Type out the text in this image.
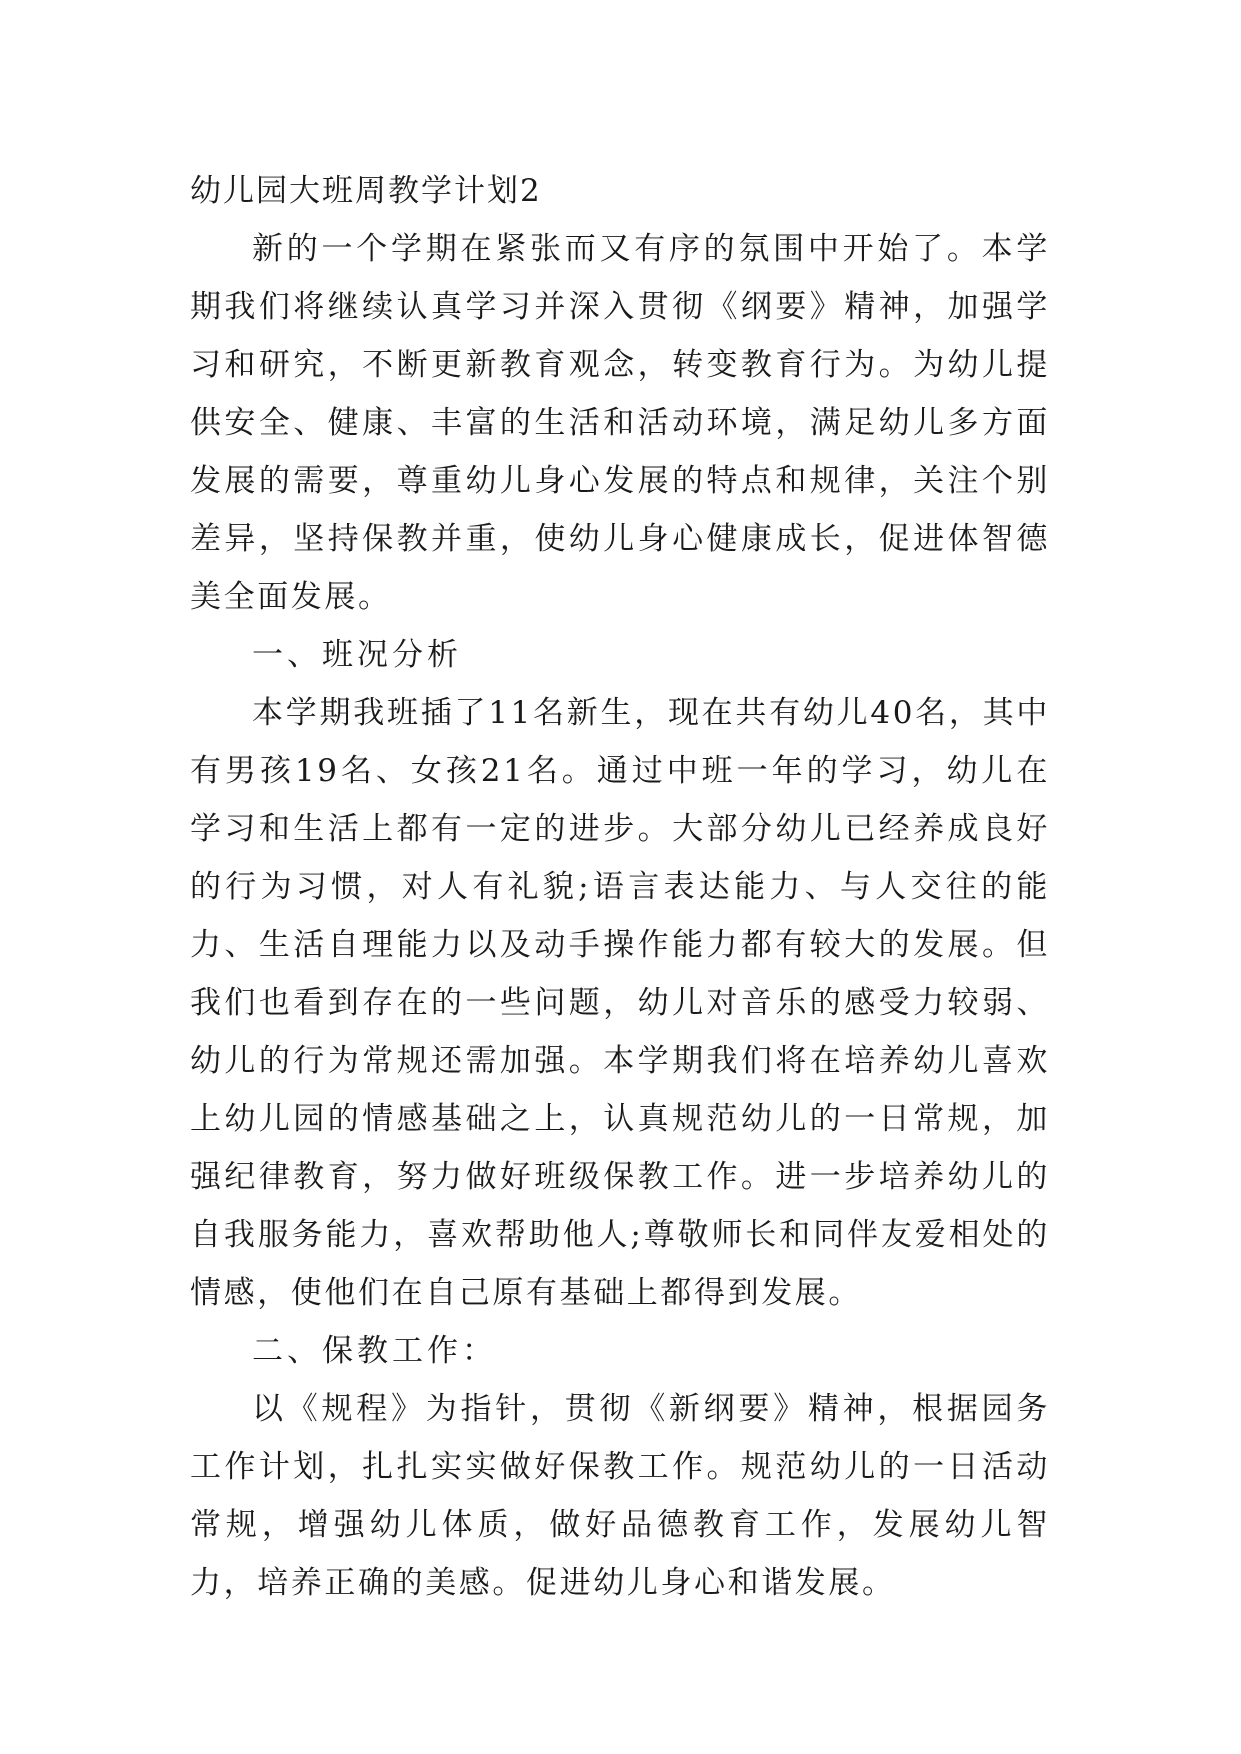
幼儿园大班周教学计划2

新的一个学期在紧张而又有序的氛围中开始了。本学期我们将继续认真学习并深入贯彻《纲要》精神，加强学习和研究，不断更新教育观念，转变教育行为。为幼儿提供安全、健康、丰富的生活和活动环境，满足幼儿多方面发展的需要，尊重幼儿身心发展的特点和规律，关注个别差异，坚持保教并重，使幼儿身心健康成长，促进体智德美全面发展。

一、班况分析

本学期我班插了11名新生，现在共有幼儿40名，其中有男孩19名、女孩21名。通过中班一年的学习，幼儿在学习和生活上都有一定的进步。大部分幼儿已经养成良好的行为习惯，对人有礼貌;语言表达能力、与人交往的能力、生活自理能力以及动手操作能力都有较大的发展。但我们也看到存在的一些问题，幼儿对音乐的感受力较弱、幼儿的行为常规还需加强。本学期我们将在培养幼儿喜欢上幼儿园的情感基础之上，认真规范幼儿的一日常规，加强纪律教育，努力做好班级保教工作。进一步培养幼儿的自我服务能力，喜欢帮助他人;尊敬师长和同伴友爱相处的情感，使他们在自己原有基础上都得到发展。

二、保教工作：

以《规程》为指针，贯彻《新纲要》精神，根据园务工作计划，扎扎实实做好保教工作。规范幼儿的一日活动常规，增强幼儿体质，做好品德教育工作，发展幼儿智力，培养正确的美感。促进幼儿身心和谐发展。
